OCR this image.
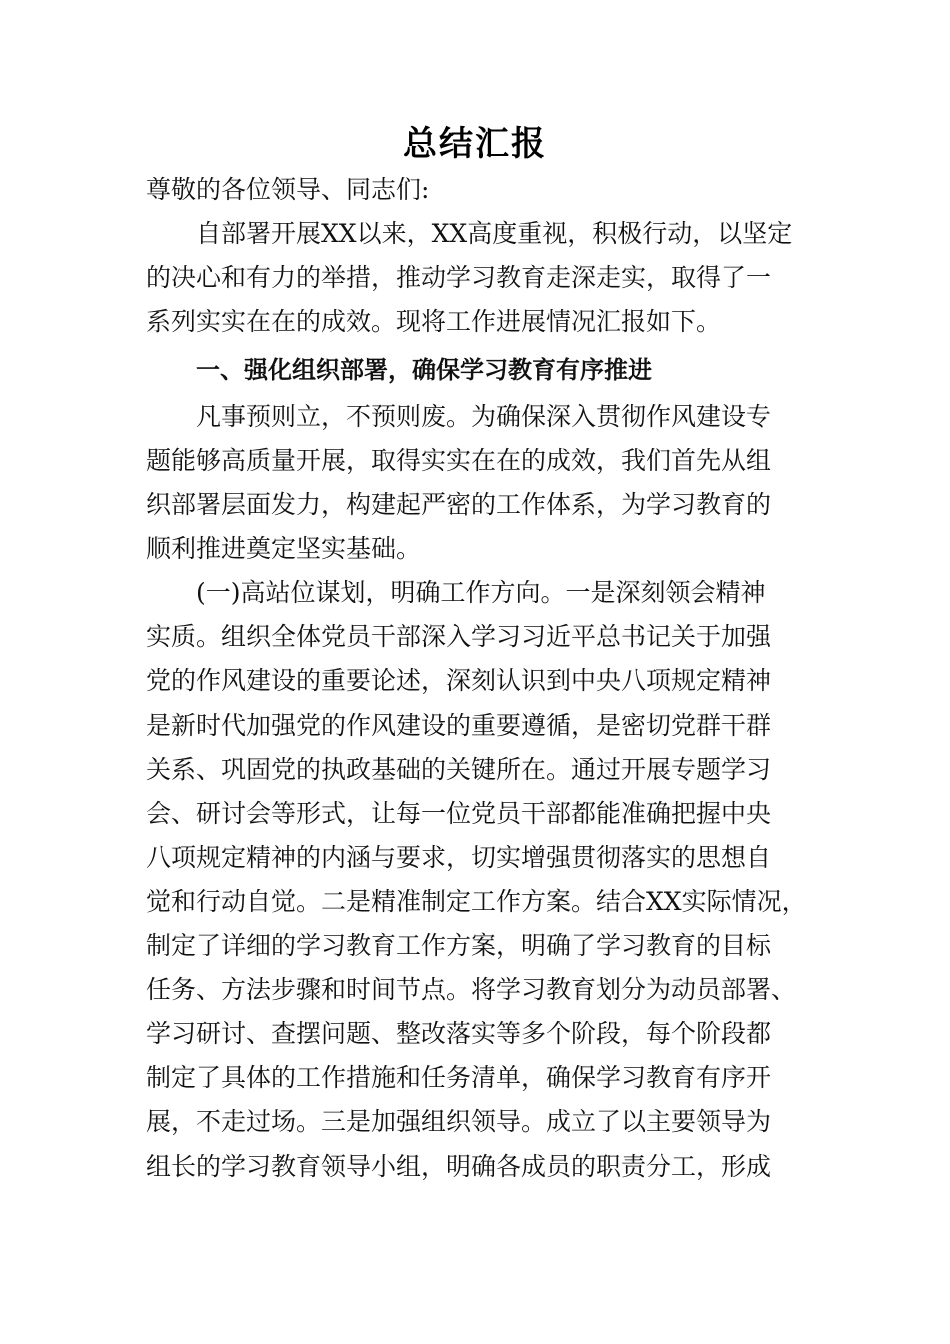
总结汇报
尊敬的各位领导、同志们:
自部署开展XX以来，XX高度重视，积极行动，以坚定
的决心和有力的举措，推动学习教育走深走实，取得了一
系列实实在在的成效。现将工作进展情况汇报如下。
一、强化组织部署，确保学习教育有序推进
凡事预则立，不预则废。为确保深入贯彻作风建设专
题能够高质量开展，取得实实在在的成效，我们首先从组
织部署层面发力，构建起严密的工作体系，为学习教育的
顺利推进奠定坚实基础。
(一)高站位谋划，明确工作方向。一是深刻领会精神
实质。组织全体党员干部深入学习习近平总书记关于加强
党的作风建设的重要论述，深刻认识到中央八项规定精神
是新时代加强党的作风建设的重要遵循，是密切党群干群
关系、巩固党的执政基础的关键所在。通过开展专题学习
会、研讨会等形式，让每一位党员干部都能准确把握中央
八项规定精神的内涵与要求，切实增强贯彻落实的思想自
觉和行动自觉。二是精准制定工作方案。结合XX实际情况，
制定了详细的学习教育工作方案，明确了学习教育的目标
任务、方法步骤和时间节点。将学习教育划分为动员部署、
学习研讨、查摆问题、整改落实等多个阶段，每个阶段都
制定了具体的工作措施和任务清单，确保学习教育有序开
展，不走过场。三是加强组织领导。成立了以主要领导为
组长的学习教育领导小组，明确各成员的职责分工，形成
